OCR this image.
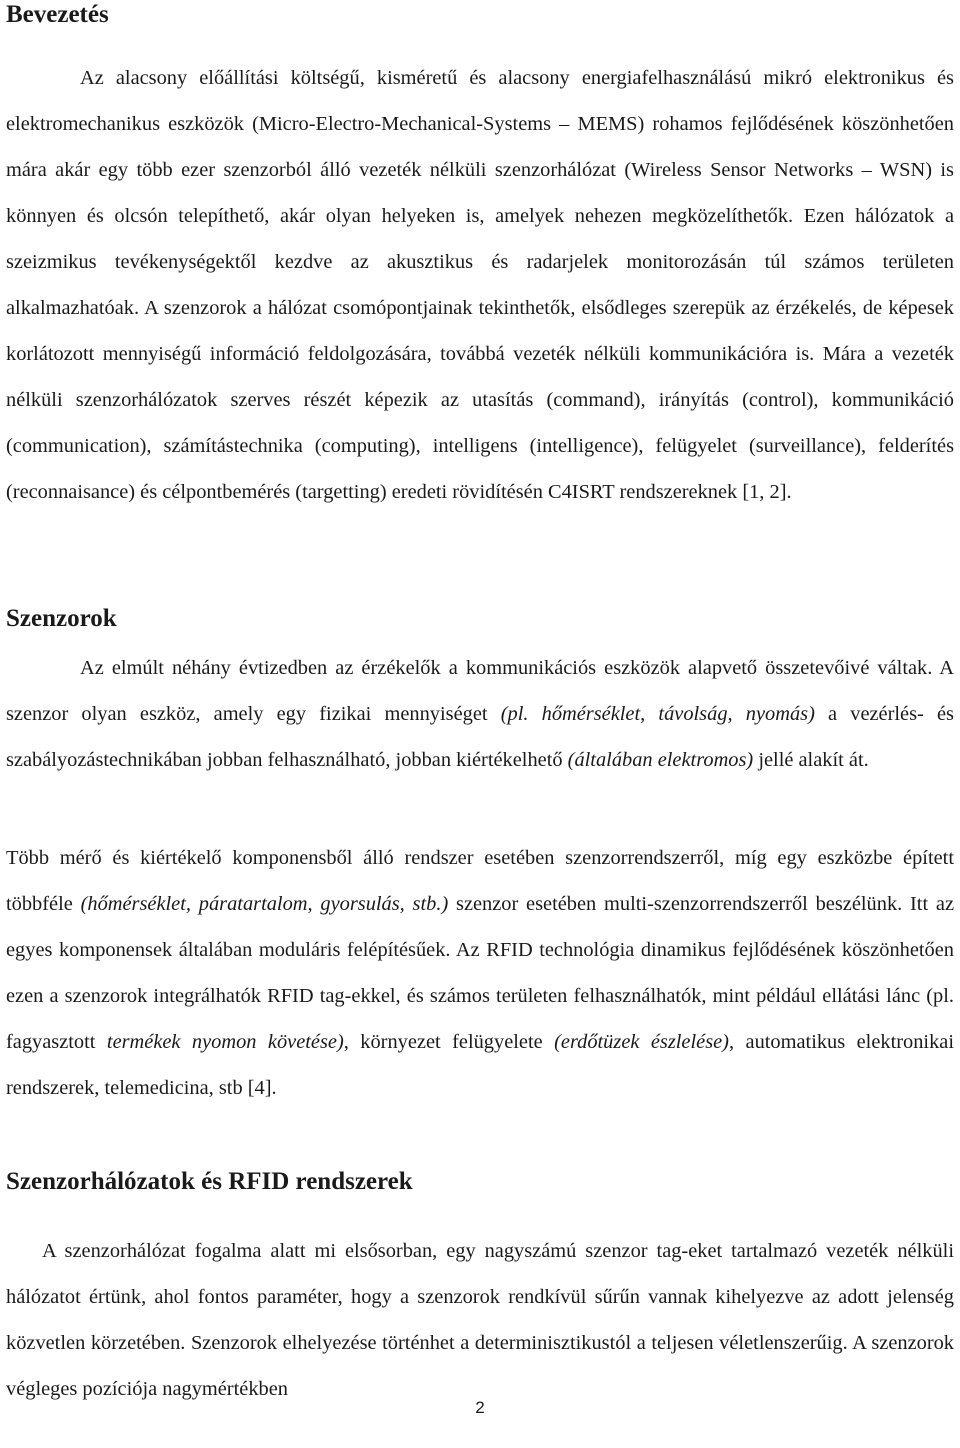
Bevezetés

Az alacsony előállítási költségű, kisméretű és alacsony energiafelhasználású mikró elektronikus és elektromechanikus eszközök (Micro-Electro-Mechanical-Systems – MEMS) rohamos fejlődésének köszönhetően mára akár egy több ezer szenzorból álló vezeték nélküli szenzorhálózat (Wireless Sensor Networks – WSN) is könnyen és olcsón telepíthető, akár olyan helyeken is, amelyek nehezen megközelíthetők. Ezen hálózatok a szeizmikus tevékenységektől kezdve az akusztikus és radarjelek monitorozásán túl számos területen alkalmazhatóak. A szenzorok a hálózat csomópontjainak tekinthetők, elsődleges szerepük az érzékelés, de képesek korlátozott mennyiségű információ feldolgozására, továbbá vezeték nélküli kommunikációra is. Mára a vezeték nélküli szenzorhálózatok szerves részét képezik az utasítás (command), irányítás (control), kommunikáció (communication), számítástechnika (computing), intelligens (intelligence), felügyelet (surveillance), felderítés (reconnaisance) és célpontbemérés (targetting) eredeti rövidítésén C4ISRT rendszereknek [1, 2].

Szenzorok

Az elmúlt néhány évtizedben az érzékelők a kommunikációs eszközök alapvető összetevőivé váltak. A szenzor olyan eszköz, amely egy fizikai mennyiséget (pl. hőmérséklet, távolság, nyomás) a vezérlés- és szabályozástechnikában jobban felhasználható, jobban kiértékelhető (általában elektromos) jellé alakít át.

Több mérő és kiértékelő komponensből álló rendszer esetében szenzorrendszerről, míg egy eszközbe épített többféle (hőmérséklet, páratartalom, gyorsulás, stb.) szenzor esetében multi-szenzorrendszerről beszélünk. Itt az egyes komponensek általában moduláris felépítésűek. Az RFID technológia dinamikus fejlődésének köszönhetően ezen a szenzorok integrálhatók RFID tag-ekkel, és számos területen felhasználhatók, mint például ellátási lánc (pl. fagyasztott termékek nyomon követése), környezet felügyelete (erdőtüzek észlelése), automatikus elektronikai rendszerek, telemedicina, stb [4].

Szenzorhálózatok és RFID rendszerek

A szenzorhálózat fogalma alatt mi elsősorban, egy nagyszámú szenzor tag-eket tartalmazó vezeték nélküli hálózatot értünk, ahol fontos paraméter, hogy a szenzorok rendkívül sűrűn vannak kihelyezve az adott jelenség közvetlen körzetében. Szenzorok elhelyezése történhet a determinisztikustól a teljesen véletlenszerűig. A szenzorok végleges pozíciója nagymértékben

2
